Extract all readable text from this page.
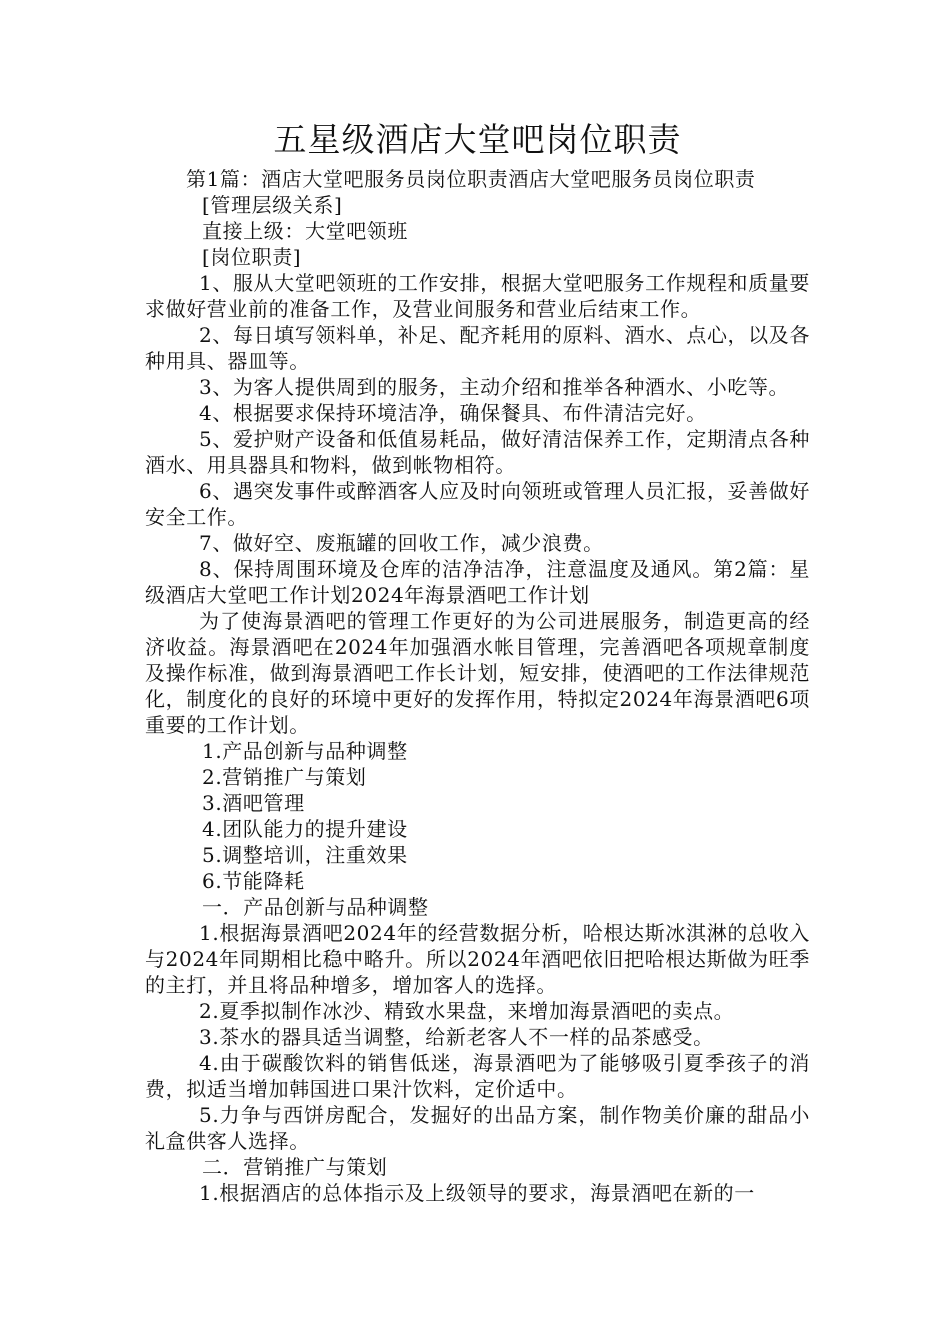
五星级酒店大堂吧岗位职责

第1篇：酒店大堂吧服务员岗位职责酒店大堂吧服务员岗位职责

[管理层级关系]

直接上级：大堂吧领班

[岗位职责]

1、服从大堂吧领班的工作安排，根据大堂吧服务工作规程和质量要求做好营业前的准备工作，及营业间服务和营业后结束工作。

2、每日填写领料单，补足、配齐耗用的原料、酒水、点心，以及各种用具、器皿等。

3、为客人提供周到的服务，主动介绍和推举各种酒水、小吃等。

4、根据要求保持环境洁净，确保餐具、布件清洁完好。

5、爱护财产设备和低值易耗品，做好清洁保养工作，定期清点各种酒水、用具器具和物料，做到帐物相符。

6、遇突发事件或醉酒客人应及时向领班或管理人员汇报，妥善做好安全工作。

7、做好空、废瓶罐的回收工作，减少浪费。

8、保持周围环境及仓库的洁净洁净，注意温度及通风。第2篇：星级酒店大堂吧工作计划2024年海景酒吧工作计划

为了使海景酒吧的管理工作更好的为公司进展服务，制造更高的经济收益。海景酒吧在2024年加强酒水帐目管理，完善酒吧各项规章制度及操作标准，做到海景酒吧工作长计划，短安排，使酒吧的工作法律规范化，制度化的良好的环境中更好的发挥作用，特拟定2024年海景酒吧6项重要的工作计划。

1.产品创新与品种调整

2.营销推广与策划

3.酒吧管理

4.团队能力的提升建设

5.调整培训，注重效果

6.节能降耗

一．产品创新与品种调整

1.根据海景酒吧2024年的经营数据分析，哈根达斯冰淇淋的总收入与2024年同期相比稳中略升。所以2024年酒吧依旧把哈根达斯做为旺季的主打，并且将品种增多，增加客人的选择。

2.夏季拟制作冰沙、精致水果盘，来增加海景酒吧的卖点。

3.茶水的器具适当调整，给新老客人不一样的品茶感受。

4.由于碳酸饮料的销售低迷，海景酒吧为了能够吸引夏季孩子的消费，拟适当增加韩国进口果汁饮料，定价适中。

5.力争与西饼房配合，发掘好的出品方案，制作物美价廉的甜品小礼盒供客人选择。

二．营销推广与策划

1.根据酒店的总体指示及上级领导的要求，海景酒吧在新的一
